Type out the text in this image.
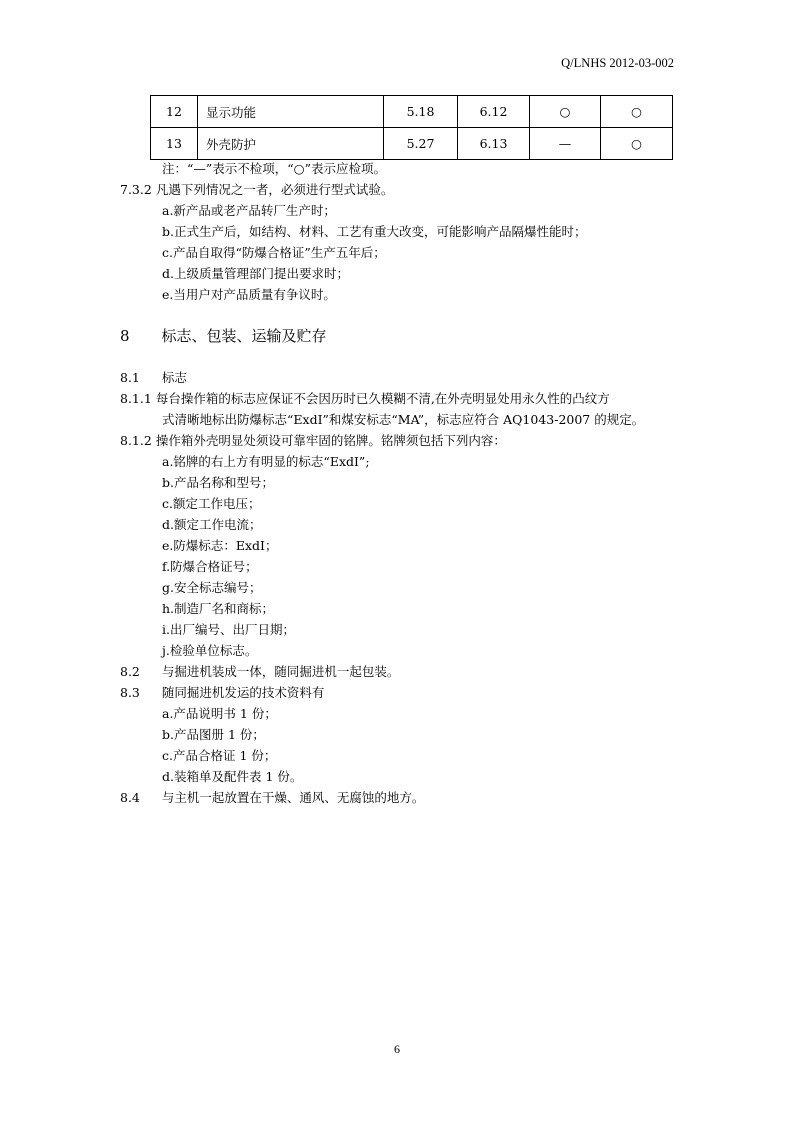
Q/LNHS 2012-03-002
12	显示功能	5.18	6.12	○	○
13	外壳防护	5.27	6.13	—	○
注：“—”表示不检项，“○”表示应检项。
7.3.2 凡遇下列情况之一者，必须进行型式试验。
a.新产品或老产品转厂生产时；
b.正式生产后，如结构、材料、工艺有重大改变，可能影响产品隔爆性能时；
c.产品自取得“防爆合格证”生产五年后；
d.上级质量管理部门提出要求时；
e.当用户对产品质量有争议时。
8 标志、包装、运输及贮存
8.1 标志
8.1.1 每台操作箱的标志应保证不会因历时已久模糊不清,在外壳明显处用永久性的凸纹方
式清晰地标出防爆标志“ExdI”和煤安标志“MA”，标志应符合 AQ1043-2007 的规定。
8.1.2 操作箱外壳明显处须设可靠牢固的铭牌。铭牌须包括下列内容：
a.铭牌的右上方有明显的标志“ExdI”;
b.产品名称和型号；
c.额定工作电压；
d.额定工作电流；
e.防爆标志：ExdI；
f.防爆合格证号；
g.安全标志编号；
h.制造厂名和商标；
i.出厂编号、出厂日期；
j.检验单位标志。
8.2 与掘进机装成一体，随同掘进机一起包装。
8.3 随同掘进机发运的技术资料有
a.产品说明书 1 份；
b.产品图册 1 份；
c.产品合格证 1 份；
d.装箱单及配件表 1 份。
8.4 与主机一起放置在干燥、通风、无腐蚀的地方。
6
